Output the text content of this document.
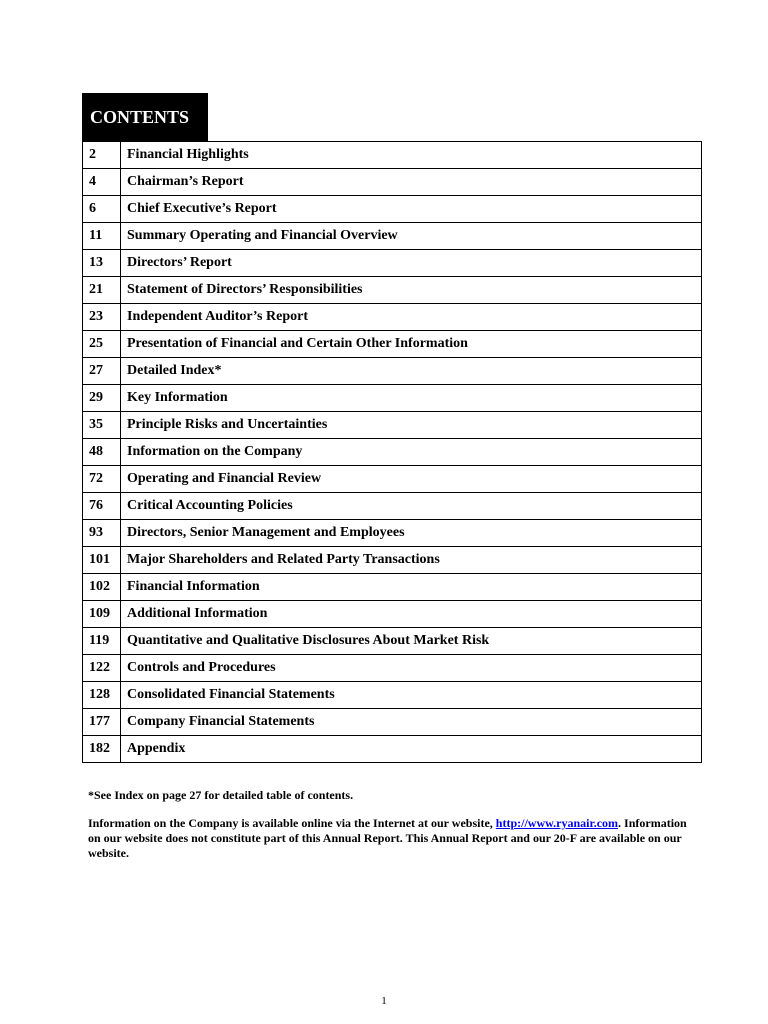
CONTENTS
2	Financial Highlights
4	Chairman’s Report
6	Chief Executive’s Report
11	Summary Operating and Financial Overview
13	Directors’ Report
21	Statement of Directors’ Responsibilities
23	Independent Auditor’s Report
25	Presentation of Financial and Certain Other Information
27	Detailed Index*
29	Key Information
35	Principle Risks and Uncertainties
48	Information on the Company
72	Operating and Financial Review
76	Critical Accounting Policies
93	Directors, Senior Management and Employees
101	Major Shareholders and Related Party Transactions
102	Financial Information
109	Additional Information
119	Quantitative and Qualitative Disclosures About Market Risk
122	Controls and Procedures
128	Consolidated Financial Statements
177	Company Financial Statements
182	Appendix
*See Index on page 27 for detailed table of contents.
Information on the Company is available online via the Internet at our website, http://www.ryanair.com. Information on our website does not constitute part of this Annual Report. This Annual Report and our 20-F are available on our website.
1
